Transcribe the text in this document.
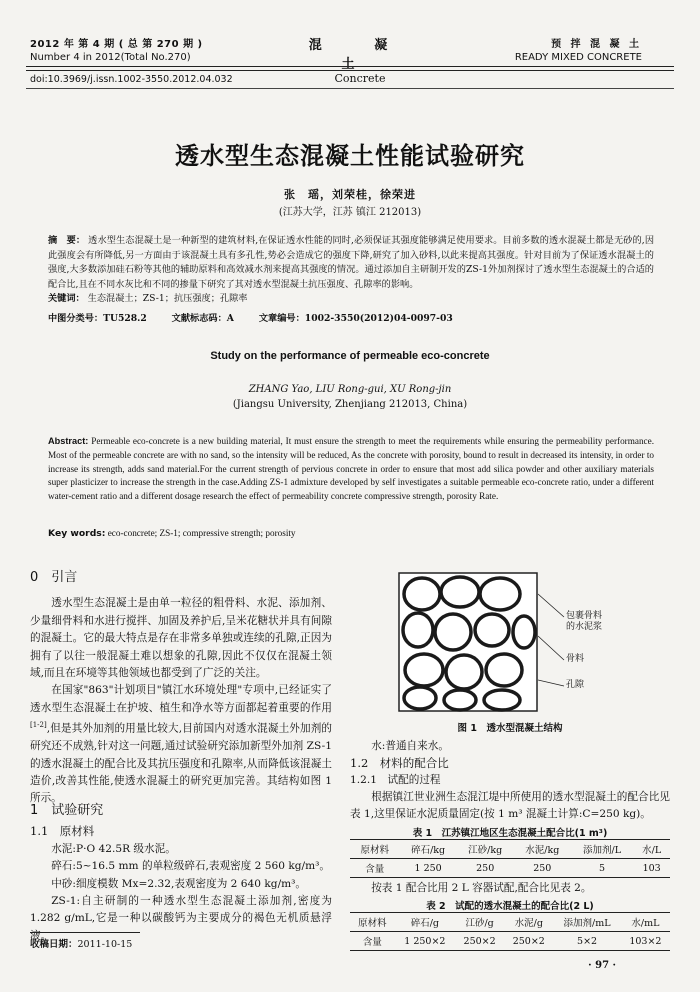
2012 年 第 4 期 ( 总 第 270 期 )
Number 4 in 2012(Total No.270)
混 凝 土
Concrete
预 拌 混 凝 土
READY MIXED CONCRETE
doi:10.3969/j.issn.1002-3550.2012.04.032
透水型生态混凝土性能试验研究
张　瑶，刘荣桂，徐荣进
(江苏大学，江苏 镇江 212013)
摘　要： 透水型生态混凝土是一种新型的建筑材料,在保证透水性能的同时,必须保证其强度能够满足使用要求。目前多数的透水混凝土都是无砂的,因此强度会有所降低,另一方面由于该混凝土具有多孔性,势必会造成它的强度下降,研究了加入砂料,以此来提高其强度。针对目前为了保证透水混凝土的强度,大多数添加硅石粉等其他的辅助原料和高效减水剂来提高其强度的情况。通过添加自主研制开发的ZS-1外加剂探讨了透水型生态混凝土的合适的配合比,且在不同水灰比和不同的掺量下研究了其对透水型混凝土抗压强度、孔隙率的影响。
关键词： 生态混凝土；ZS-1；抗压强度；孔隙率
中图分类号：TU528.2	文献标志码：A	文章编号：1002-3550(2012)04-0097-03
Study on the performance of permeable eco-concrete
ZHANG Yao, LIU Rong-gui, XU Rong-jin
(Jiangsu University, Zhenjiang 212013, China)
Abstract: Permeable eco-concrete is a new building material, It must ensure the strength to meet the requirements while ensuring the permeability performance. Most of the permeable concrete are with no sand, so the intensity will be reduced, As the concrete with porosity, bound to result in decreased its intensity, in order to increase its strength, adds sand material.For the current strength of pervious concrete in order to ensure that most add silica powder and other auxiliary materials super plasticizer to increase the strength in the case.Adding ZS-1 admixture developed by self investigates a suitable permeable eco-concrete ratio, under a different water-cement ratio and a different dosage research the effect of permeability concrete compressive strength, porosity Rate.
Key words: eco-concrete; ZS-1; compressive strength; porosity
0　引言
透水型生态混凝土是由单一粒径的粗骨料、水泥、添加剂、少量细骨料和水进行搅拌、加固及养护后,呈米花糖状并具有间隙的混凝土。它的最大特点是存在非常多单独或连续的孔隙,正因为拥有了以往一般混凝土难以想象的孔隙,因此不仅仅在混凝土领域,而且在环境等其他领域也都受到了广泛的关注。
在国家"863"计划项目"镇江水环境处理"专项中,已经证实了透水型生态混凝土在护坡、植生和净水等方面都起着重要的作用[1-2],但是其外加剂的用量比较大,目前国内对透水混凝土外加剂的研究还不成熟,针对这一问题,通过试验研究添加新型外加剂 ZS-1 的透水混凝土的配合比及其抗压强度和孔隙率,从而降低该混凝土造价,改善其性能,使透水混凝土的研究更加完善。其结构如图 1 所示。
1　试验研究
1.1　原材料
水泥:P·O 42.5R 级水泥。
碎石:5~16.5 mm 的单粒级碎石,表观密度 2 560 kg/m³。
中砂:细度模数 Mx=2.32,表观密度为 2 640 kg/m³。
ZS-1:自主研制的一种透水型生态混凝土添加剂,密度为 1.282 g/mL,它是一种以碳酸钙为主要成分的褐色无机质悬浮液。
收稿日期：2011-10-15
包裹骨料
的水泥浆
骨料
孔隙
图 1　透水型混凝土结构
水:普通自来水。
1.2　材料的配合比
1.2.1　试配的过程
根据镇江世业洲生态混江堤中所使用的透水型混凝土的配合比见表 1,这里保证水泥质量固定(按 1 m³ 混凝土计算:C=250 kg)。
表 1　江苏镇江地区生态混凝土配合比(1 m³)
原材料	碎石/kg	江砂/kg	水泥/kg	添加剂/L	水/L
含量	1 250	250	250	5	103
按表 1 配合比用 2 L 容器试配,配合比见表 2。
表 2　试配的透水混凝土的配合比(2 L)
原材料	碎石/g	江砂/g	水泥/g	添加剂/mL	水/mL
含量	1 250×2	250×2	250×2	5×2	103×2
· 97 ·
